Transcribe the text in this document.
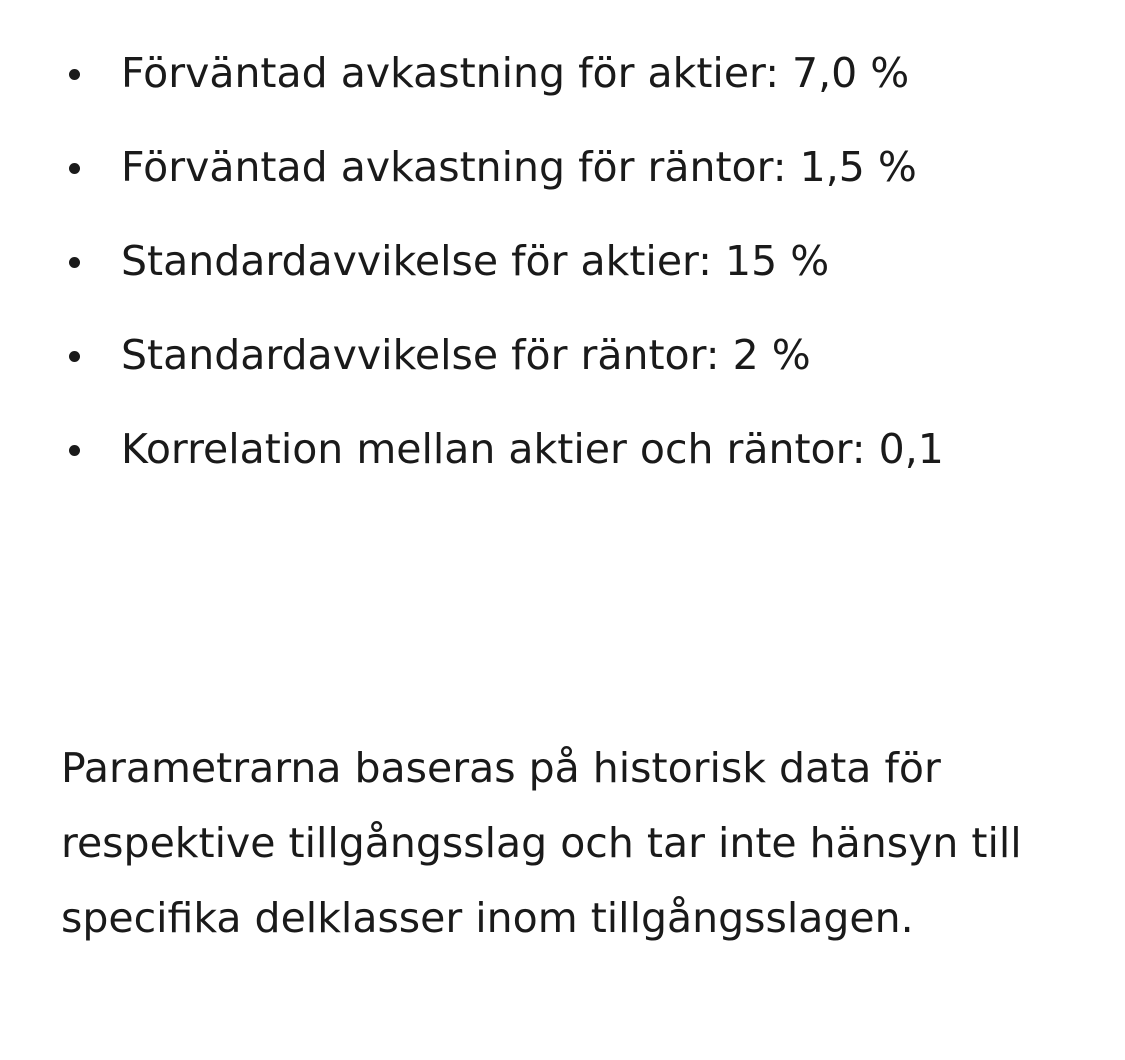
Förväntad avkastning för aktier: 7,0 %
Förväntad avkastning för räntor: 1,5 %
Standardavvikelse för aktier: 15 %
Standardavvikelse för räntor: 2 %
Korrelation mellan aktier och räntor: 0,1

Parametrarna baseras på historisk data för respektive tillgångsslag och tar inte hänsyn till specifika delklasser inom tillgångsslagen.
